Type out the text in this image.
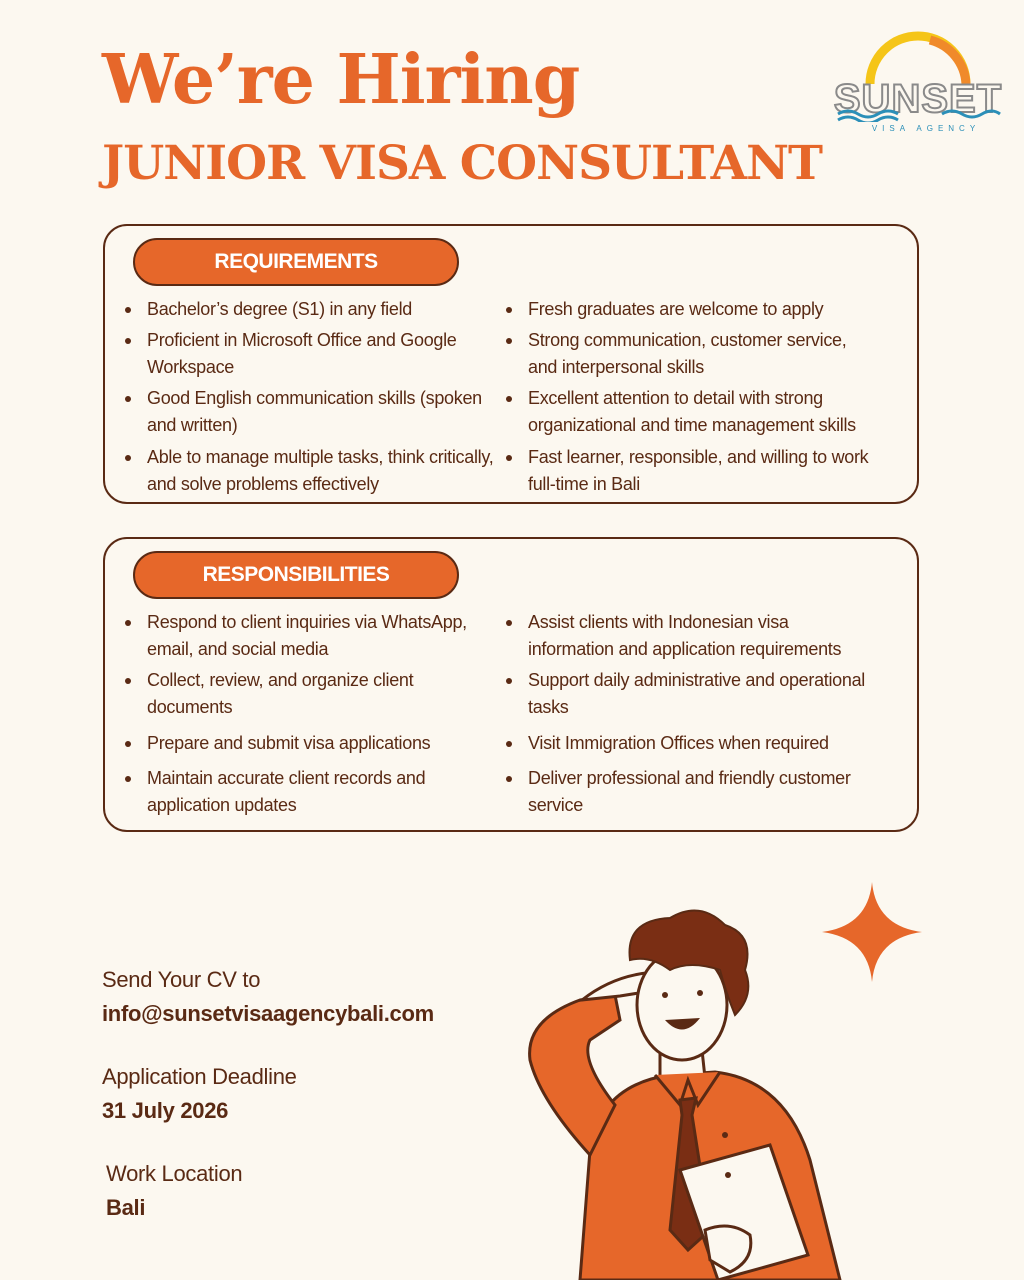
We’re Hiring
JUNIOR VISA CONSULTANT
SUNSET
VISA AGENCY
REQUIREMENTS
Bachelor’s degree (S1) in any field
Proficient in Microsoft Office and Google Workspace
Good English communication skills (spoken and written)
Able to manage multiple tasks, think critically, and solve problems effectively
Fresh graduates are welcome to apply
Strong communication, customer service, and interpersonal skills
Excellent attention to detail with strong organizational and time management skills
Fast learner, responsible, and willing to work full-time in Bali
RESPONSIBILITIES
Respond to client inquiries via WhatsApp, email, and social media
Collect, review, and organize client documents
Prepare and submit visa applications
Maintain accurate client records and application updates
Assist clients with Indonesian visa information and application requirements
Support daily administrative and operational tasks
Visit Immigration Offices when required
Deliver professional and friendly customer service
Send Your CV to
info@sunsetvisaagencybali.com
Application Deadline
31 July 2026
Work Location
Bali
